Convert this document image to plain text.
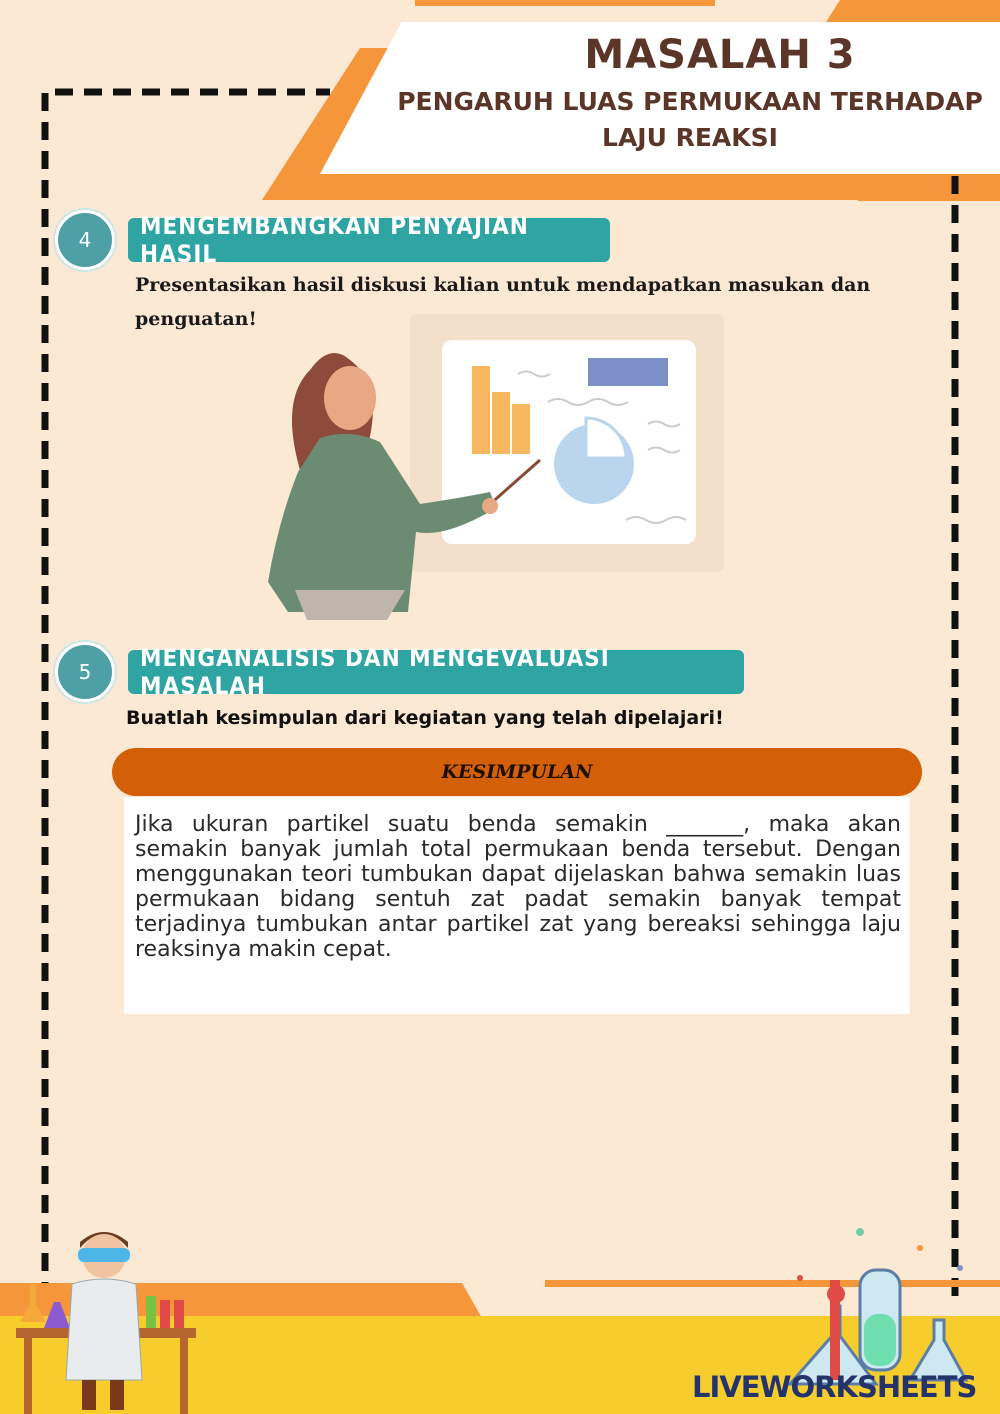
MASALAH 3
PENGARUH LUAS PERMUKAAN TERHADAP
LAJU REAKSI
4	MENGEMBANGKAN PENYAJIAN HASIL
Presentasikan hasil diskusi kalian untuk mendapatkan masukan dan
penguatan!
5	MENGANALISIS DAN MENGEVALUASI MASALAH
Buatlah kesimpulan dari kegiatan yang telah dipelajari!
KESIMPULAN
Jika ukuran partikel suatu benda semakin _______, maka akan semakin banyak jumlah total permukaan benda tersebut. Dengan menggunakan teori tumbukan dapat dijelaskan bahwa semakin luas permukaan bidang sentuh zat padat semakin banyak tempat terjadinya tumbukan antar partikel zat yang bereaksi sehingga laju reaksinya makin cepat.
LIVEWORKSHEETS
